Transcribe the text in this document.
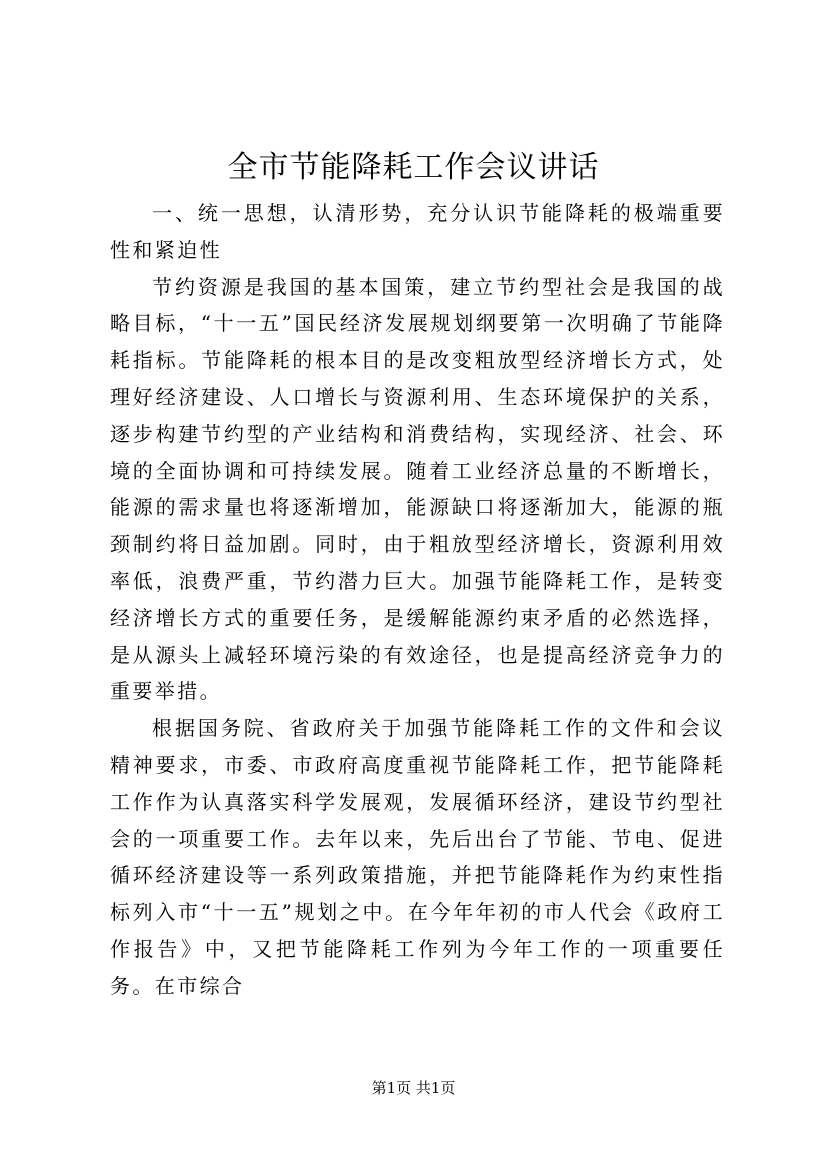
全市节能降耗工作会议讲话

一、统一思想，认清形势，充分认识节能降耗的极端重要性和紧迫性

节约资源是我国的基本国策，建立节约型社会是我国的战略目标，“十一五”国民经济发展规划纲要第一次明确了节能降耗指标。节能降耗的根本目的是改变粗放型经济增长方式，处理好经济建设、人口增长与资源利用、生态环境保护的关系，逐步构建节约型的产业结构和消费结构，实现经济、社会、环境的全面协调和可持续发展。随着工业经济总量的不断增长，能源的需求量也将逐渐增加，能源缺口将逐渐加大，能源的瓶颈制约将日益加剧。同时，由于粗放型经济增长，资源利用效率低，浪费严重，节约潜力巨大。加强节能降耗工作，是转变经济增长方式的重要任务，是缓解能源约束矛盾的必然选择，是从源头上减轻环境污染的有效途径，也是提高经济竞争力的重要举措。

根据国务院、省政府关于加强节能降耗工作的文件和会议精神要求，市委、市政府高度重视节能降耗工作，把节能降耗工作作为认真落实科学发展观，发展循环经济，建设节约型社会的一项重要工作。去年以来，先后出台了节能、节电、促进循环经济建设等一系列政策措施，并把节能降耗作为约束性指标列入市“十一五”规划之中。在今年年初的市人代会《政府工作报告》中，又把节能降耗工作列为今年工作的一项重要任务。在市综合

第1页 共1页
